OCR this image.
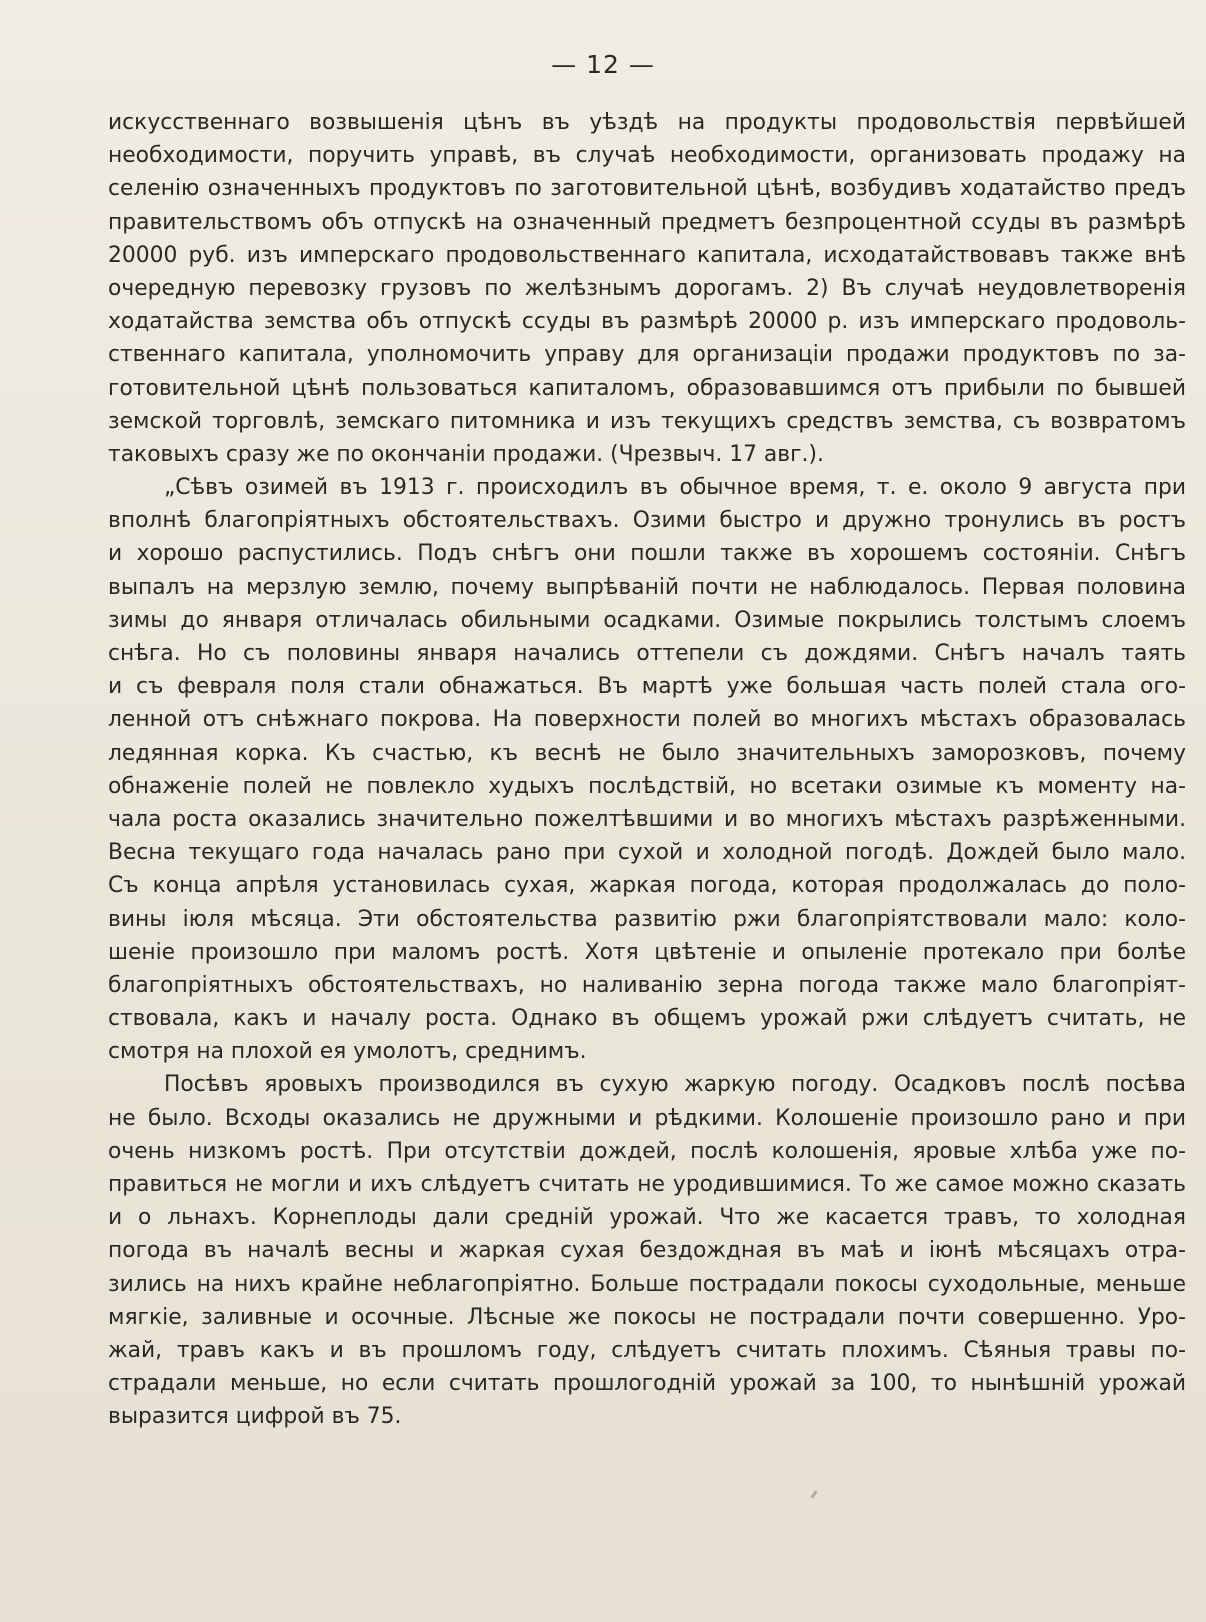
— 12 —
искусственнаго возвышенія цѣнъ въ уѣздѣ на продукты продовольствія первѣйшей
необходимости, поручить управѣ, въ случаѣ необходимости, организовать продажу на
селенію означенныхъ продуктовъ по заготовительной цѣнѣ, возбудивъ ходатайство предъ
правительствомъ объ отпускѣ на означенный предметъ безпроцентной ссуды въ размѣрѣ
20000 руб. изъ имперскаго продовольственнаго капитала, исходатайствовавъ также внѣ
очередную перевозку грузовъ по желѣзнымъ дорогамъ. 2) Въ случаѣ неудовлетворенія
ходатайства земства объ отпускѣ ссуды въ размѣрѣ 20000 р. изъ имперскаго продоволь-
ственнаго капитала, уполномочить управу для организаціи продажи продуктовъ по за-
готовительной цѣнѣ пользоваться капиталомъ, образовавшимся отъ прибыли по бывшей
земской торговлѣ, земскаго питомника и изъ текущихъ средствъ земства, съ возвратомъ
таковыхъ сразу же по окончаніи продажи. (Чрезвыч. 17 авг.).
„Сѣвъ озимей въ 1913 г. происходилъ въ обычное время, т. е. около 9 августа при
вполнѣ благопріятныхъ обстоятельствахъ. Озими быстро и дружно тронулись въ ростъ
и хорошо распустились. Подъ снѣгъ они пошли также въ хорошемъ состояніи. Снѣгъ
выпалъ на мерзлую землю, почему выпрѣваній почти не наблюдалось. Первая половина
зимы до января отличалась обильными осадками. Озимые покрылись толстымъ слоемъ
снѣга. Но съ половины января начались оттепели съ дождями. Снѣгъ началъ таять
и съ февраля поля стали обнажаться. Въ мартѣ уже большая часть полей стала ого-
ленной отъ снѣжнаго покрова. На поверхности полей во многихъ мѣстахъ образовалась
ледянная корка. Къ счастью, къ веснѣ не было значительныхъ заморозковъ, почему
обнаженіе полей не повлекло худыхъ послѣдствій, но всетаки озимые къ моменту на-
чала роста оказались значительно пожелтѣвшими и во многихъ мѣстахъ разрѣженными.
Весна текущаго года началась рано при сухой и холодной погодѣ. Дождей было мало.
Съ конца апрѣля установилась сухая, жаркая погода, которая продолжалась до поло-
вины іюля мѣсяца. Эти обстоятельства развитію ржи благопріятствовали мало: коло-
шеніе произошло при маломъ ростѣ. Хотя цвѣтеніе и опыленіе протекало при болѣе
благопріятныхъ обстоятельствахъ, но наливанію зерна погода также мало благопріят-
ствовала, какъ и началу роста. Однако въ общемъ урожай ржи слѣдуетъ считать, не
смотря на плохой ея умолотъ, среднимъ.
Посѣвъ яровыхъ производился въ сухую жаркую погоду. Осадковъ послѣ посѣва
не было. Всходы оказались не дружными и рѣдкими. Колошеніе произошло рано и при
очень низкомъ ростѣ. При отсутствіи дождей, послѣ колошенія, яровые хлѣба уже по-
правиться не могли и ихъ слѣдуетъ считать не уродившимися. То же самое можно сказать
и о льнахъ. Корнеплоды дали средній урожай. Что же касается травъ, то холодная
погода въ началѣ весны и жаркая сухая бездождная въ маѣ и іюнѣ мѣсяцахъ отра-
зились на нихъ крайне неблагопріятно. Больше пострадали покосы суходольные, меньше
мягкіе, заливные и осочные. Лѣсные же покосы не пострадали почти совершенно. Уро-
жай, травъ какъ и въ прошломъ году, слѣдуетъ считать плохимъ. Сѣяныя травы по-
страдали меньше, но если считать прошлогодній урожай за 100, то нынѣшній урожай
выразится цифрой въ 75.
